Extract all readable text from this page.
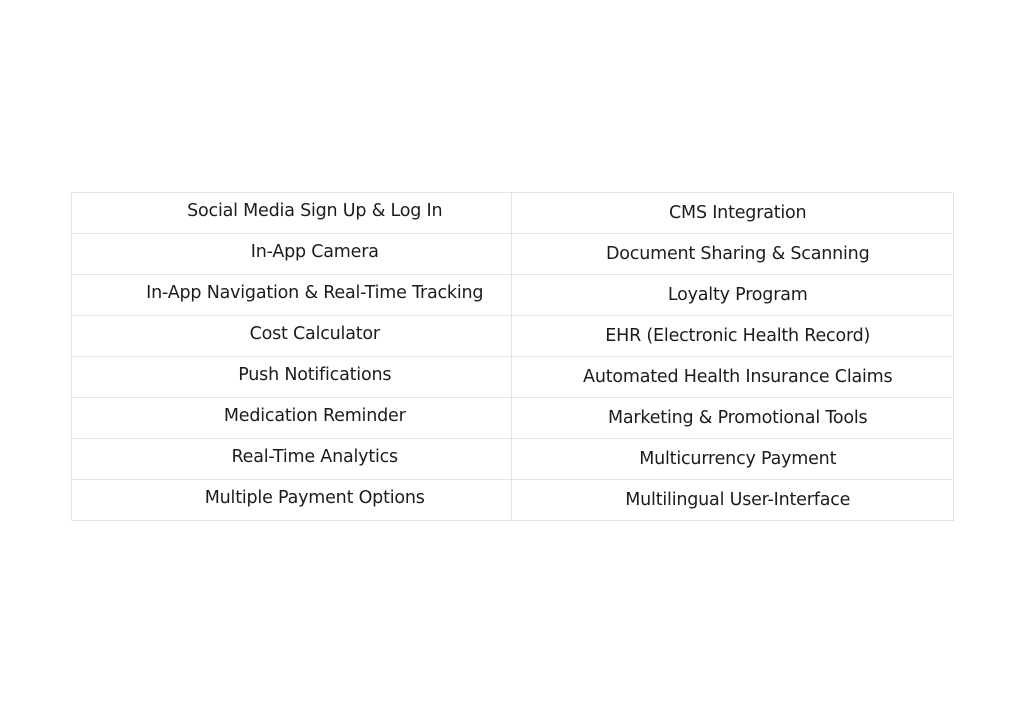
Social Media Sign Up & Log In	CMS Integration
In-App Camera	Document Sharing & Scanning
In-App Navigation & Real-Time Tracking	Loyalty Program
Cost Calculator	EHR (Electronic Health Record)
Push Notifications	Automated Health Insurance Claims
Medication Reminder	Marketing & Promotional Tools
Real-Time Analytics	Multicurrency Payment
Multiple Payment Options	Multilingual User-Interface
